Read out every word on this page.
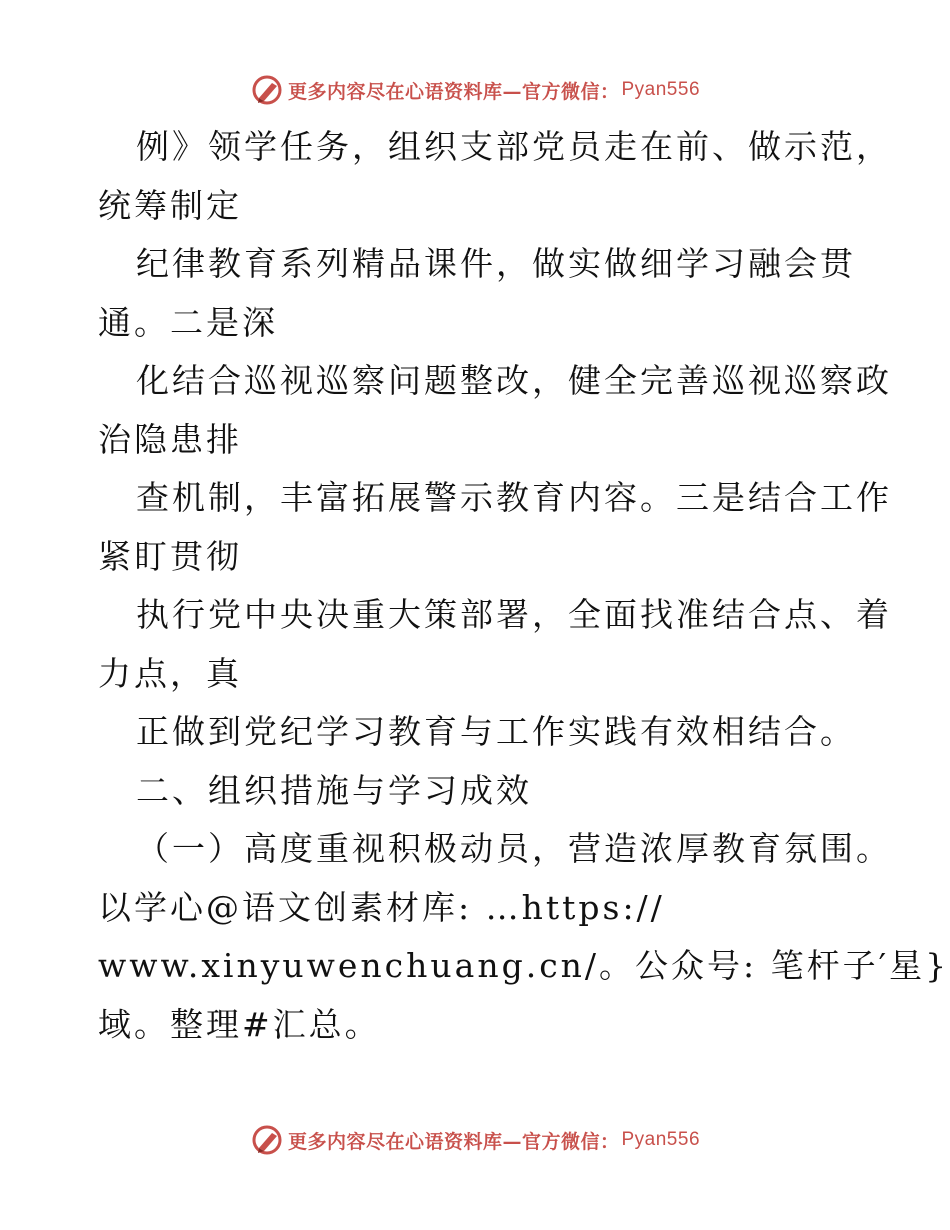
更多内容尽在心语资料库—官方微信： Pyan556
例》领学任务，组织支部党员走在前、做示范，
统筹制定
纪律教育系列精品课件，做实做细学习融会贯
通。二是深
化结合巡视巡察问题整改，健全完善巡视巡察政
治隐患排
查机制，丰富拓展警示教育内容。三是结合工作
紧盯贯彻
执行党中央决重大策部署，全面找准结合点、着
力点，真
正做到党纪学习教育与工作实践有效相结合。
二、组织措施与学习成效
（一）高度重视积极动员，营造浓厚教育氛围。
以学心@语文创素材库: …https://
www.xinyuwenchuang.cn/。公众号: 笔杆子′星}
域。整理#汇总。
更多内容尽在心语资料库—官方微信： Pyan556
